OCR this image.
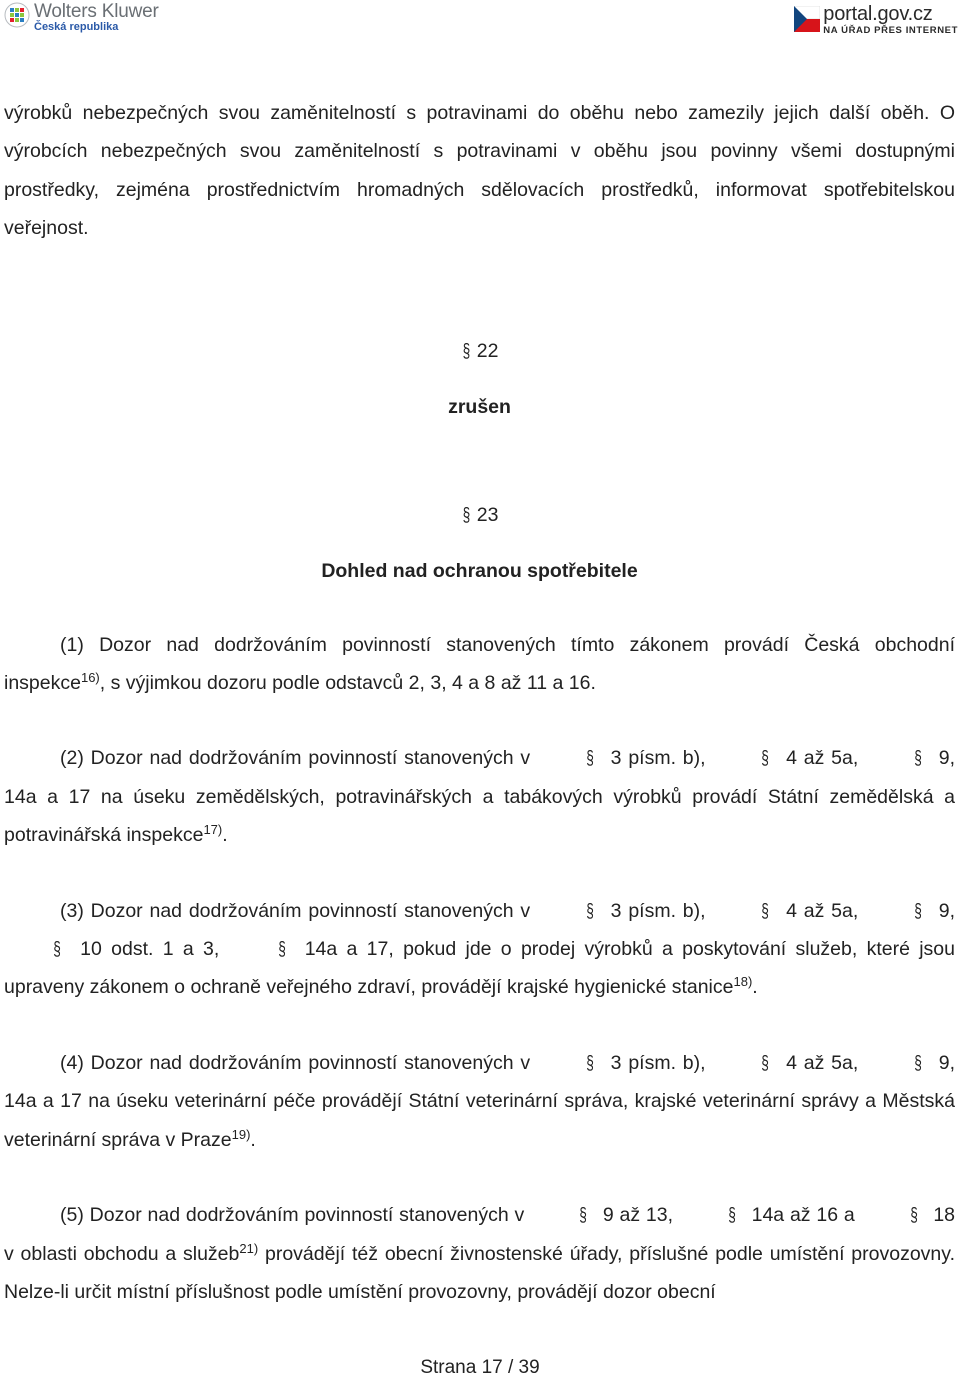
Wolters Kluwer
Česká republika
portal.gov.cz
NA ÚŘAD PŘES INTERNET

výrobků nebezpečných svou zaměnitelností s potravinami do oběhu nebo zamezily jejich další oběh. O výrobcích nebezpečných svou zaměnitelností s potravinami v oběhu jsou povinny všemi dostupnými prostředky, zejména prostřednictvím hromadných sdělovacích prostředků, informovat spotřebitelskou veřejnost.

§ 22

zrušen

§ 23

Dohled nad ochranou spotřebitele

(1) Dozor nad dodržováním povinností stanovených tímto zákonem provádí Česká obchodní inspekce$^{16)}$, s výjimkou dozoru podle odstavců 2, 3, 4 a 8 až 11 a 16.

(2) Dozor nad dodržováním povinností stanovených v	§ 3 písm. b),	§ 4 až 5a,	§ 9, 14a a 17 na úseku zemědělských, potravinářských a tabákových výrobků provádí Státní zemědělská a potravinářská inspekce$^{17)}$.

(3) Dozor nad dodržováním povinností stanovených v	§ 3 písm. b),	§ 4 až 5a,	§ 9, § 10 odst. 1 a 3,	§ 14a a 17, pokud jde o prodej výrobků a poskytování služeb, které jsou upraveny zákonem o ochraně veřejného zdraví, provádějí krajské hygienické stanice$^{18)}$.

(4) Dozor nad dodržováním povinností stanovených v	§ 3 písm. b),	§ 4 až 5a,	§ 9, 14a a 17 na úseku veterinární péče provádějí Státní veterinární správa, krajské veterinární správy a Městská veterinární správa v Praze$^{19)}$.

(5) Dozor nad dodržováním povinností stanovených v	§ 9 až 13,	§ 14a až 16 a	§ 18 v oblasti obchodu a služeb$^{21)}$ provádějí též obecní živnostenské úřady, příslušné podle umístění provozovny. Nelze-li určit místní příslušnost podle umístění provozovny, provádějí dozor obecní

Strana 17 / 39
